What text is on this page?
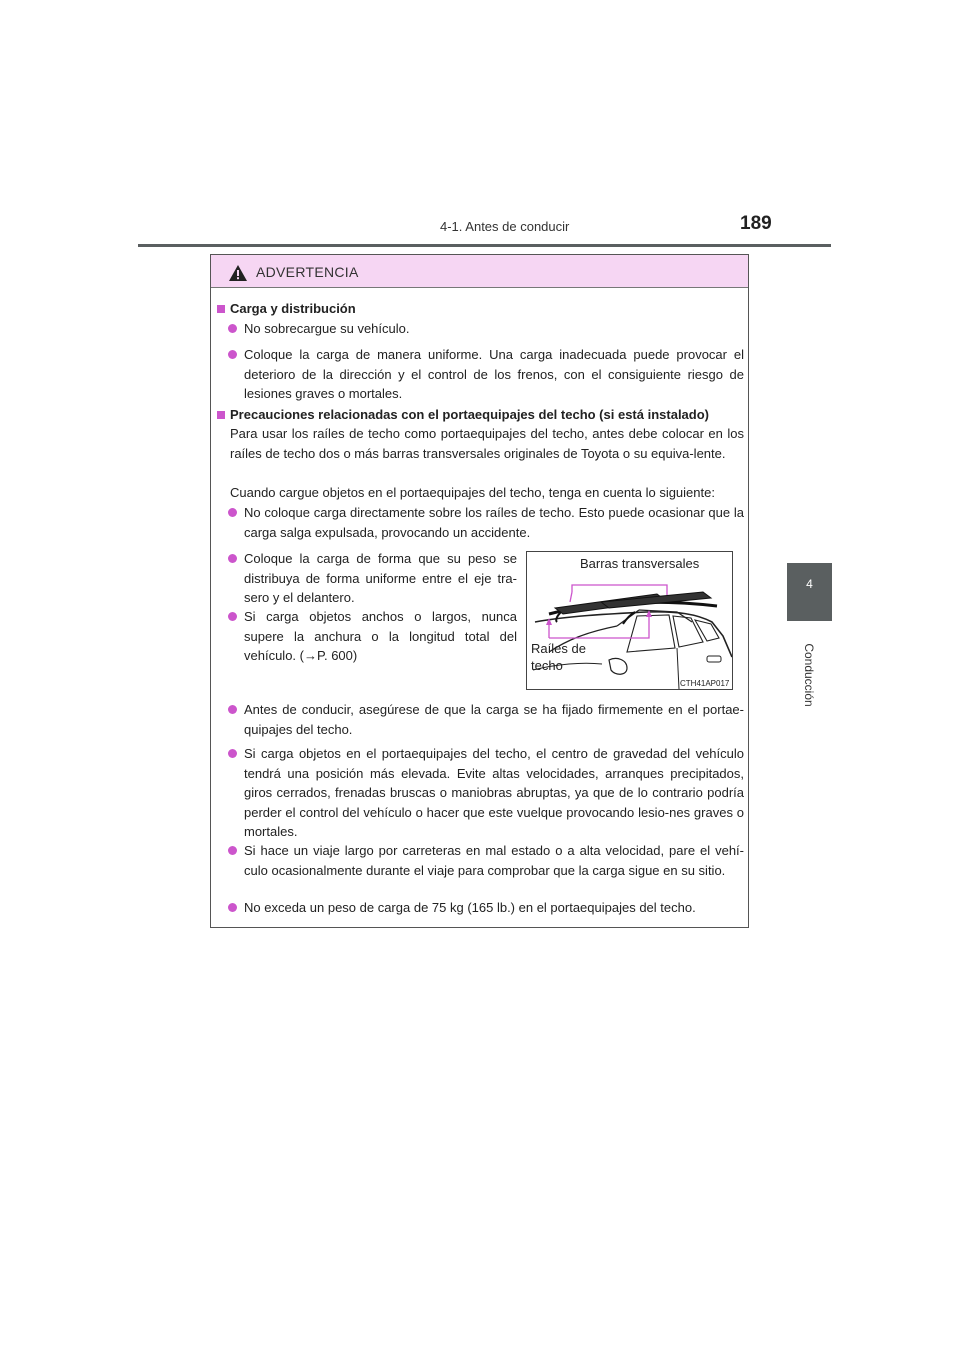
4-1. Antes de conducir	189
4
Conducción
ADVERTENCIA
Carga y distribución
No sobrecargue su vehículo.
Coloque la carga de manera uniforme. Una carga inadecuada puede provocar el deterioro de la dirección y el control de los frenos, con el consiguiente riesgo de lesiones graves o mortales.
Precauciones relacionadas con el portaequipajes del techo (si está instalado)
Para usar los raíles de techo como portaequipajes del techo, antes debe colocar en los raíles de techo dos o más barras transversales originales de Toyota o su equiva-lente.
Cuando cargue objetos en el portaequipajes del techo, tenga en cuenta lo siguiente:
No coloque carga directamente sobre los raíles de techo. Esto puede ocasionar que la carga salga expulsada, provocando un accidente.
Coloque la carga de forma que su peso se distribuya de forma uniforme entre el eje tra-sero y el delantero.
Si carga objetos anchos o largos, nunca supere la anchura o la longitud total del vehículo. (→P. 600)
Antes de conducir, asegúrese de que la carga se ha fijado firmemente en el portae-quipajes del techo.
Si carga objetos en el portaequipajes del techo, el centro de gravedad del vehículo tendrá una posición más elevada. Evite altas velocidades, arranques precipitados, giros cerrados, frenadas bruscas o maniobras abruptas, ya que de lo contrario podría perder el control del vehículo o hacer que este vuelque provocando lesio-nes graves o mortales.
Si hace un viaje largo por carreteras en mal estado o a alta velocidad, pare el vehí-culo ocasionalmente durante el viaje para comprobar que la carga sigue en su sitio.
No exceda un peso de carga de 75 kg (165 lb.) en el portaequipajes del techo.
Barras transversales
Raíles de
techo
CTH41AP017
